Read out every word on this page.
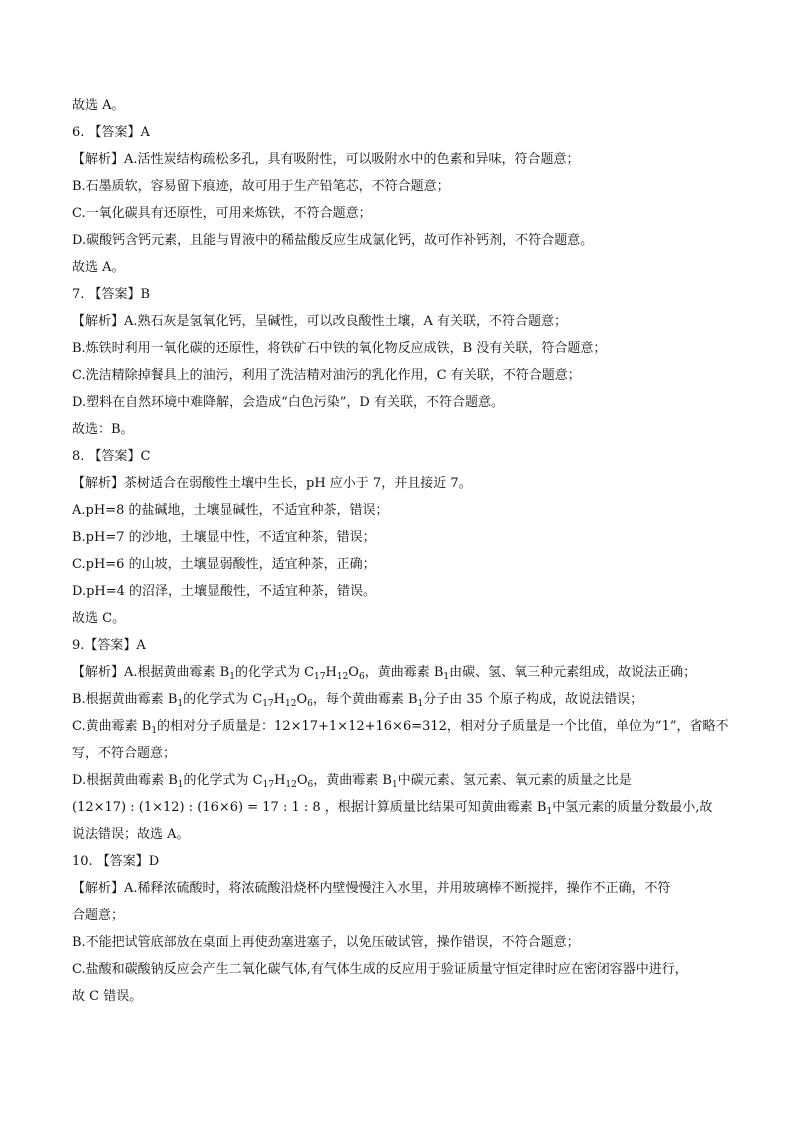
故选 A。
6. 【答案】A
【解析】A.活性炭结构疏松多孔，具有吸附性，可以吸附水中的色素和异味，符合题意；
B.石墨质软，容易留下痕迹，故可用于生产铅笔芯，不符合题意；
C.一氧化碳具有还原性，可用来炼铁，不符合题意；
D.碳酸钙含钙元素，且能与胃液中的稀盐酸反应生成氯化钙，故可作补钙剂，不符合题意。
故选 A。
7. 【答案】B
【解析】A.熟石灰是氢氧化钙，呈碱性，可以改良酸性土壤，A 有关联，不符合题意；
B.炼铁时利用一氧化碳的还原性，将铁矿石中铁的氧化物反应成铁，B 没有关联，符合题意；
C.洗洁精除掉餐具上的油污，利用了洗洁精对油污的乳化作用，C 有关联，不符合题意；
D.塑料在自然环境中难降解，会造成“白色污染”，D 有关联，不符合题意。
故选：B。
8. 【答案】C
【解析】茶树适合在弱酸性土壤中生长，pH 应小于 7，并且接近 7。
A.pH=8 的盐碱地，土壤显碱性，不适宜种茶，错误；
B.pH=7 的沙地，土壤显中性，不适宜种茶，错误；
C.pH=6 的山坡，土壤显弱酸性，适宜种茶，正确；
D.pH=4 的沼泽，土壤显酸性，不适宜种茶，错误。
故选 C。
9.【答案】A
【解析】A.根据黄曲霉素 $B_1$的化学式为 $C_{17}H_{12}O_6$，黄曲霉素 $B_1$由碳、氢、氧三种元素组成，故说法正确；
B.根据黄曲霉素 $B_1$的化学式为 $C_{17}H_{12}O_6$，每个黄曲霉素 $B_1$分子由 35 个原子构成，故说法错误；
C.黄曲霉素 $B_1$的相对分子质量是：12×17+1×12+16×6=312，相对分子质量是一个比值，单位为“1”，省略不
写，不符合题意；
D.根据黄曲霉素 $B_1$的化学式为 $C_{17}H_{12}O_6$，黄曲霉素 $B_1$中碳元素、氢元素、氧元素的质量之比是
(12×17) : (1×12) : (16×6) = 17 : 1 : 8 ，根据计算质量比结果可知黄曲霉素 $B_1$中氢元素的质量分数最小,故
说法错误；故选 A。
10. 【答案】D
【解析】A.稀释浓硫酸时，将浓硫酸沿烧杯内壁慢慢注入水里，并用玻璃棒不断搅拌，操作不正确，不符
合题意；
B.不能把试管底部放在桌面上再使劲塞进塞子，以免压破试管，操作错误，不符合题意；
C.盐酸和碳酸钠反应会产生二氧化碳气体,有气体生成的反应用于验证质量守恒定律时应在密闭容器中进行，
故 C 错误。
